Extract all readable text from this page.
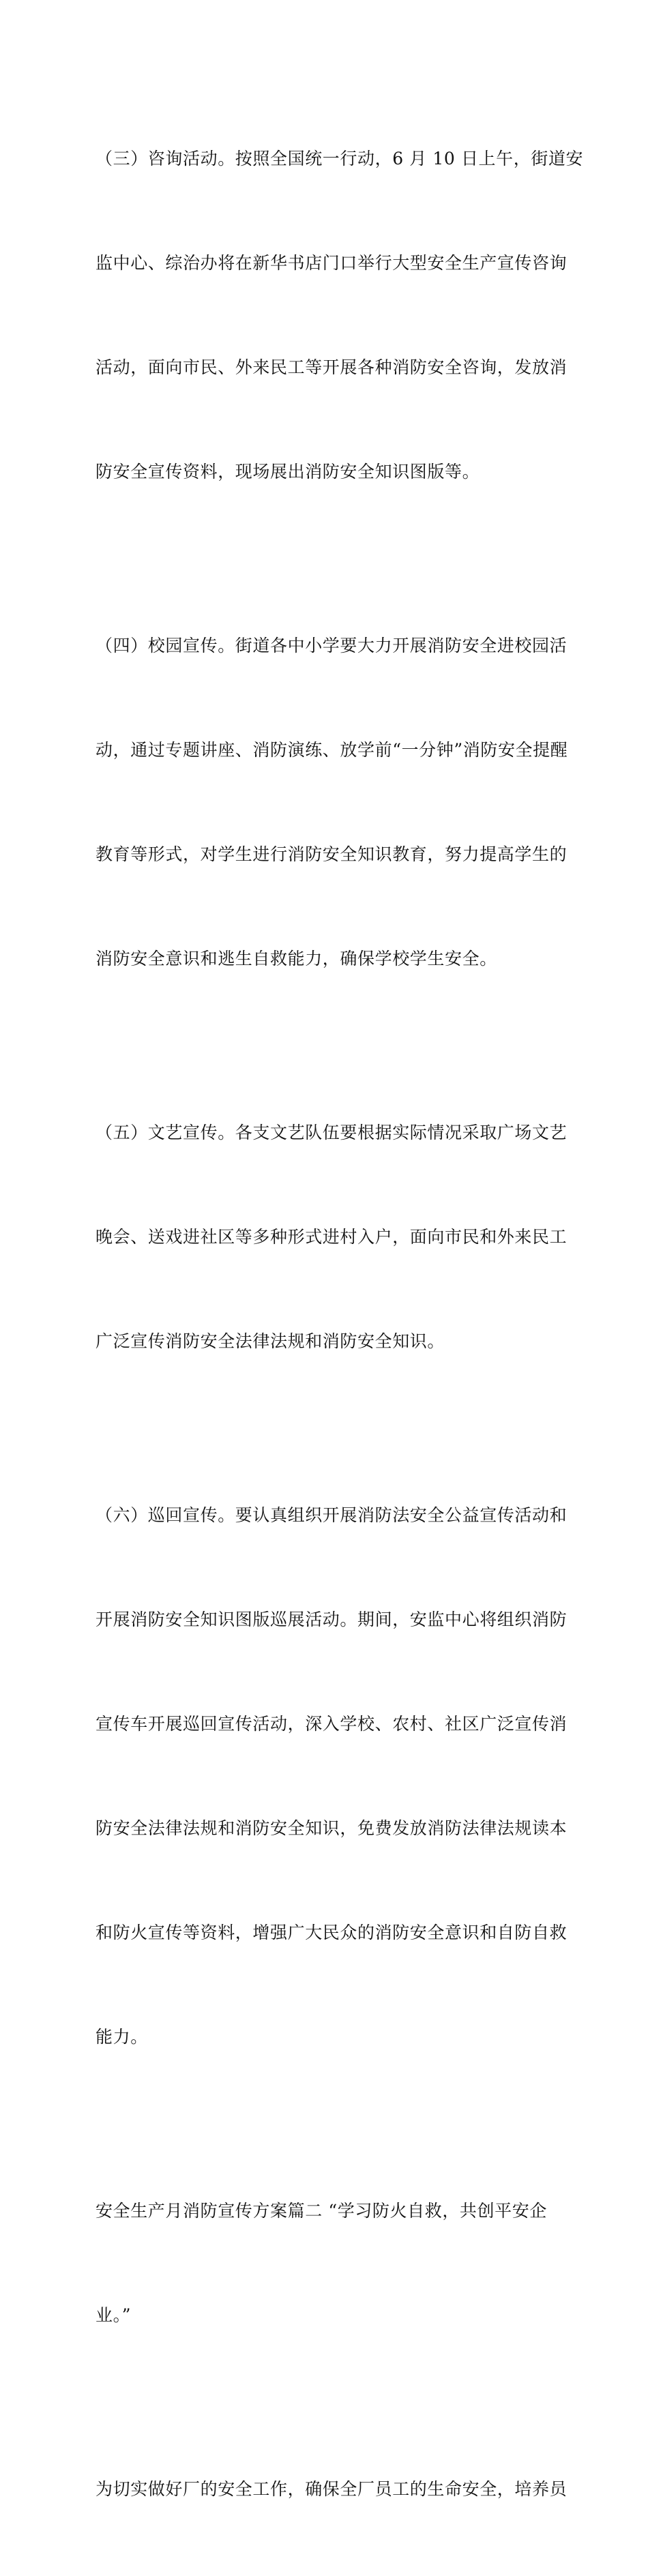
（三）咨询活动。按照全国统一行动，6 月 10 日上午，街道安

监中心、综治办将在新华书店门口举行大型安全生产宣传咨询

活动，面向市民、外来民工等开展各种消防安全咨询，发放消

防安全宣传资料，现场展出消防安全知识图版等。

（四）校园宣传。街道各中小学要大力开展消防安全进校园活

动，通过专题讲座、消防演练、放学前“一分钟”消防安全提醒

教育等形式，对学生进行消防安全知识教育，努力提高学生的

消防安全意识和逃生自救能力，确保学校学生安全。

（五）文艺宣传。各支文艺队伍要根据实际情况采取广场文艺

晚会、送戏进社区等多种形式进村入户，面向市民和外来民工

广泛宣传消防安全法律法规和消防安全知识。

（六）巡回宣传。要认真组织开展消防法安全公益宣传活动和

开展消防安全知识图版巡展活动。期间，安监中心将组织消防

宣传车开展巡回宣传活动，深入学校、农村、社区广泛宣传消

防安全法律法规和消防安全知识，免费发放消防法律法规读本

和防火宣传等资料，增强广大民众的消防安全意识和自防自救

能力。

安全生产月消防宣传方案篇二 “学习防火自救，共创平安企

业。”

为切实做好厂的安全工作，确保全厂员工的生命安全，培养员
